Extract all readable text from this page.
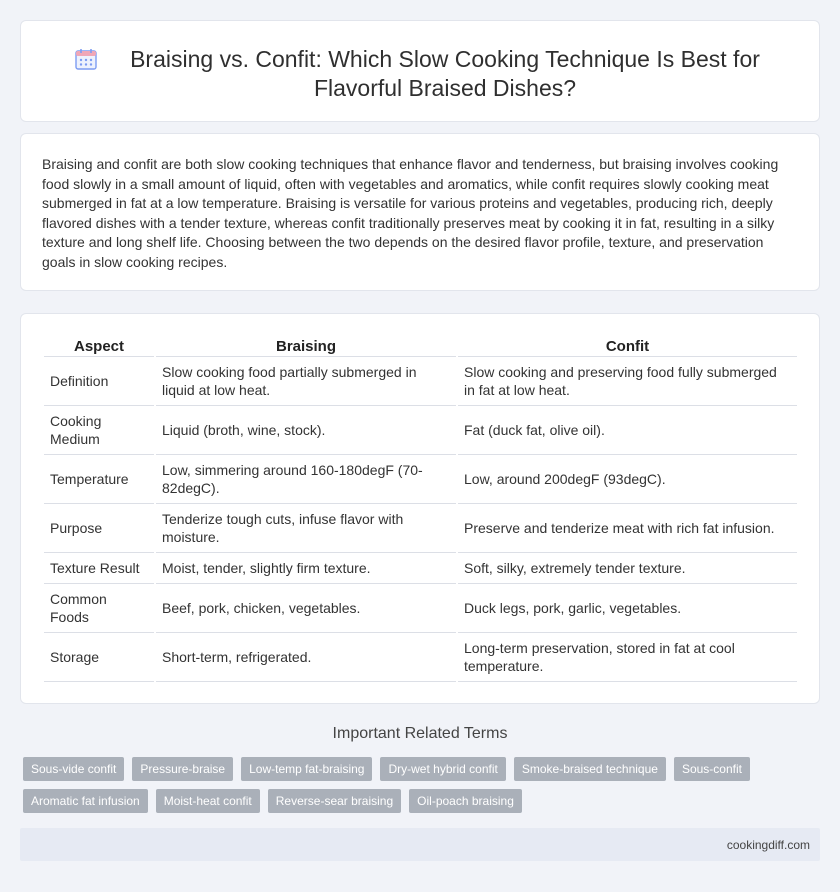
Braising vs. Confit: Which Slow Cooking Technique Is Best for Flavorful Braised Dishes?

Braising and confit are both slow cooking techniques that enhance flavor and tenderness, but braising involves cooking food slowly in a small amount of liquid, often with vegetables and aromatics, while confit requires slowly cooking meat submerged in fat at a low temperature. Braising is versatile for various proteins and vegetables, producing rich, deeply flavored dishes with a tender texture, whereas confit traditionally preserves meat by cooking it in fat, resulting in a silky texture and long shelf life. Choosing between the two depends on the desired flavor profile, texture, and preservation goals in slow cooking recipes.

Aspect	Braising	Confit
Definition	Slow cooking food partially submerged in liquid at low heat.	Slow cooking and preserving food fully submerged in fat at low heat.
Cooking Medium	Liquid (broth, wine, stock).	Fat (duck fat, olive oil).
Temperature	Low, simmering around 160-180degF (70-82degC).	Low, around 200degF (93degC).
Purpose	Tenderize tough cuts, infuse flavor with moisture.	Preserve and tenderize meat with rich fat infusion.
Texture Result	Moist, tender, slightly firm texture.	Soft, silky, extremely tender texture.
Common Foods	Beef, pork, chicken, vegetables.	Duck legs, pork, garlic, vegetables.
Storage	Short-term, refrigerated.	Long-term preservation, stored in fat at cool temperature.
Important Related Terms
Sous-vide confit	Pressure-braise	Low-temp fat-braising	Dry-wet hybrid confit	Smoke-braised technique	Sous-confit
Aromatic fat infusion	Moist-heat confit	Reverse-sear braising	Oil-poach braising
cookingdiff.com
